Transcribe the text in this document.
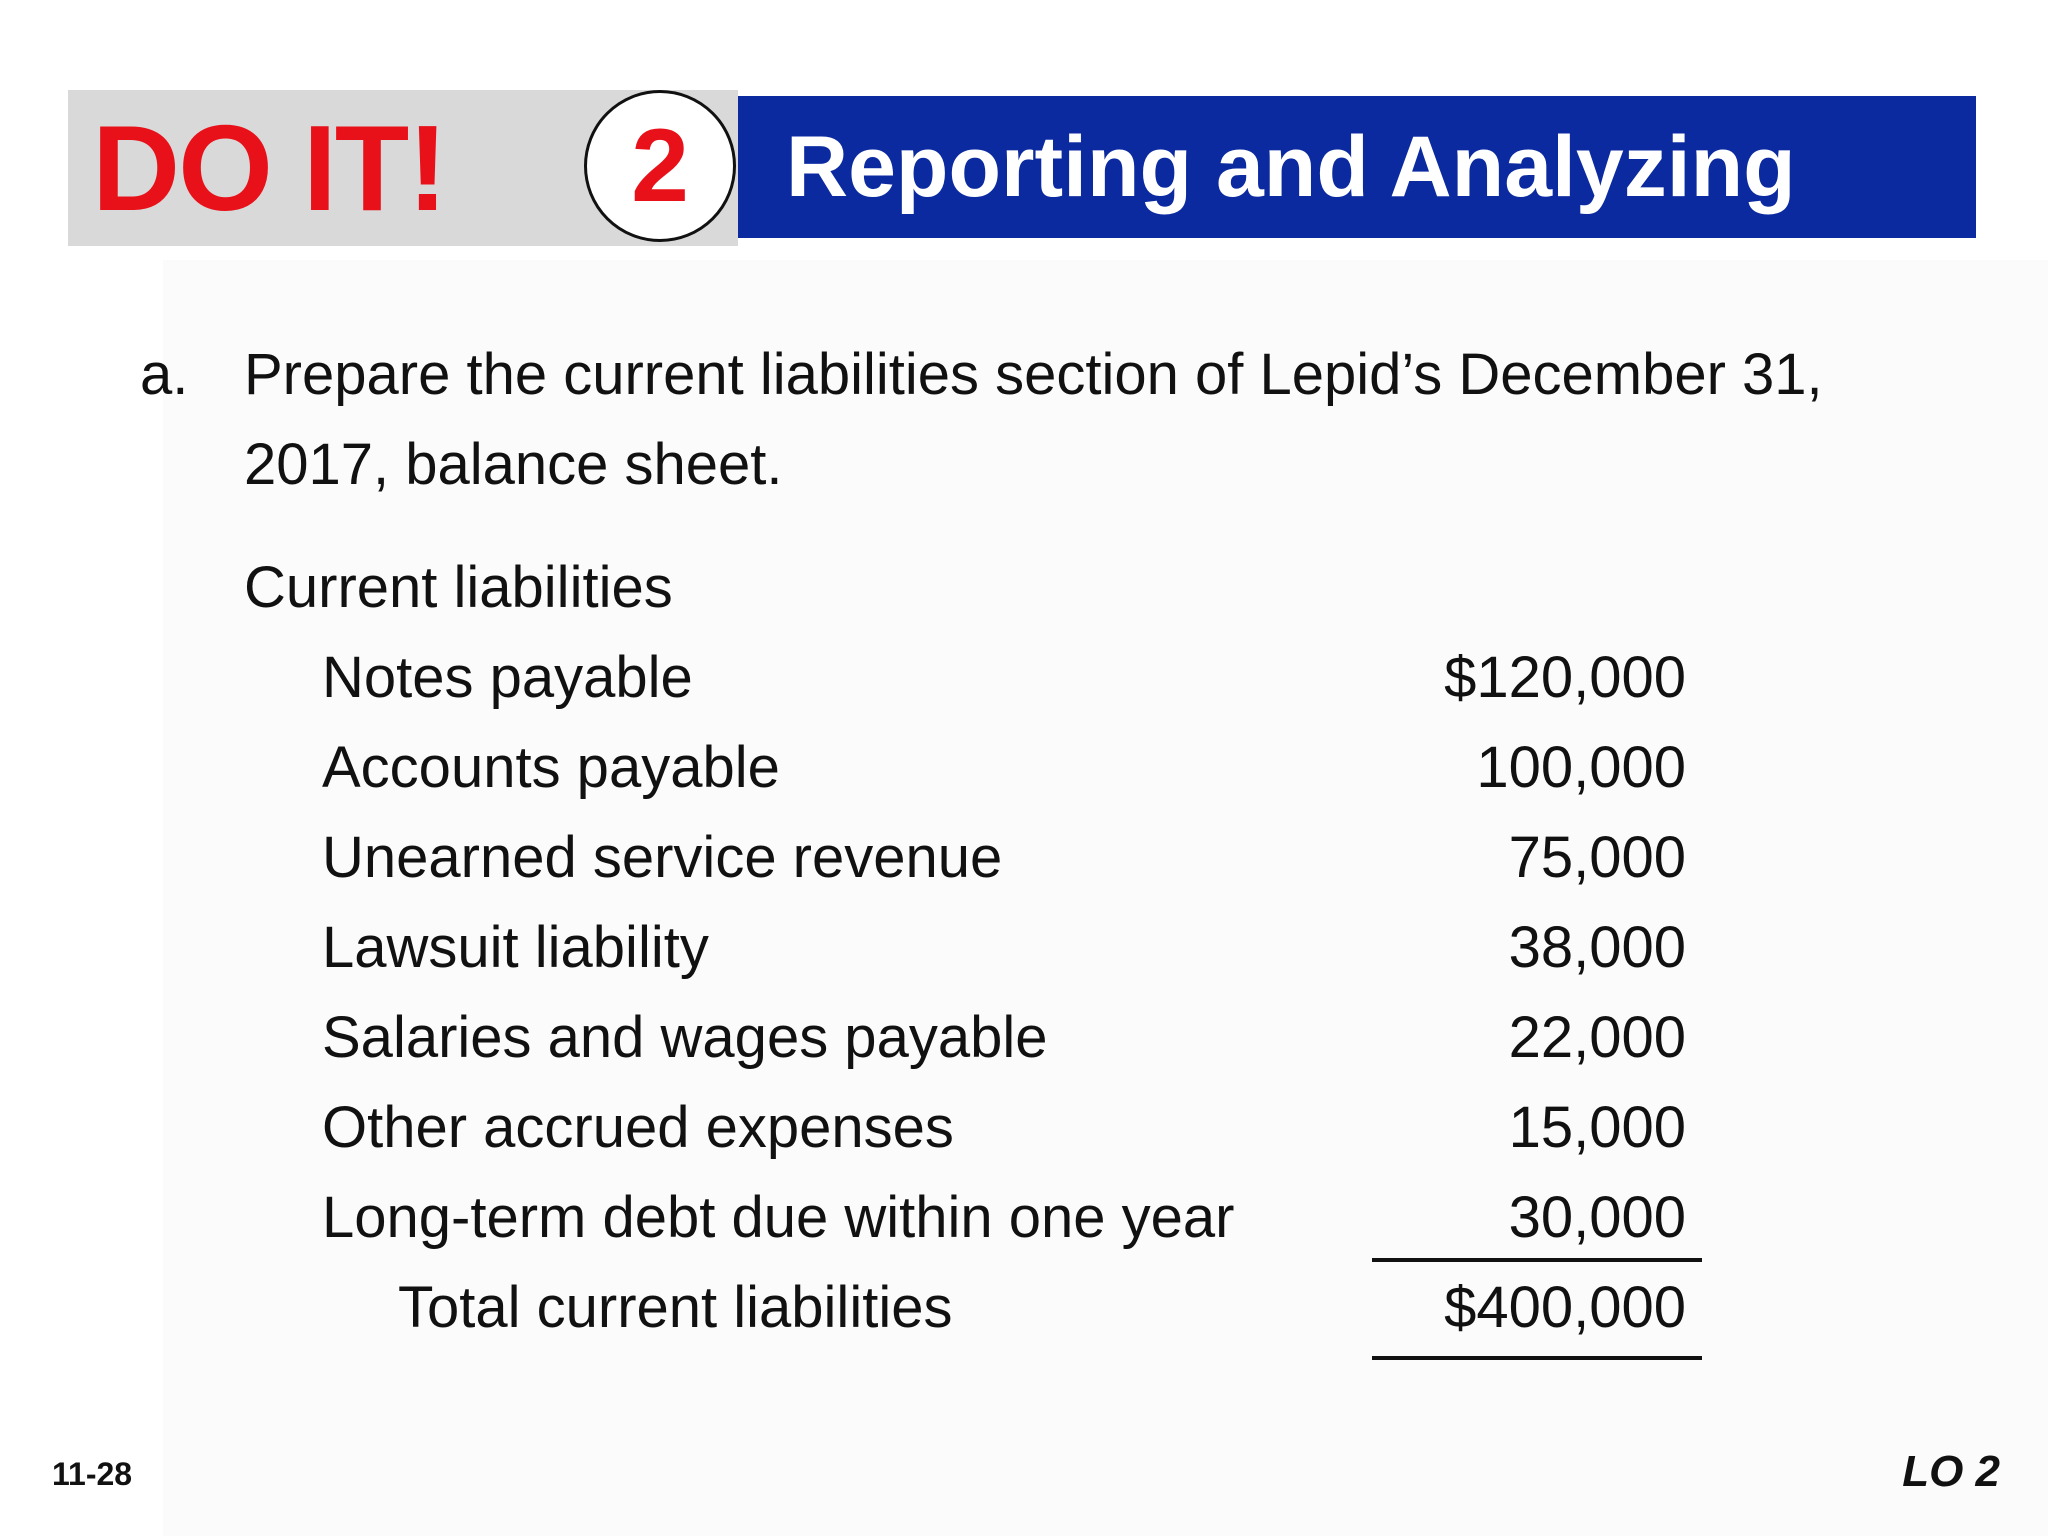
DO IT!	2	Reporting and Analyzing
a. Prepare the current liabilities section of Lepid’s December 31, 2017, balance sheet.
Current liabilities
Notes payable	$120,000
Accounts payable	100,000
Unearned service revenue	75,000
Lawsuit liability	38,000
Salaries and wages payable	22,000
Other accrued expenses	15,000
Long-term debt due within one year	30,000
Total current liabilities	$400,000
11-28	LO 2
